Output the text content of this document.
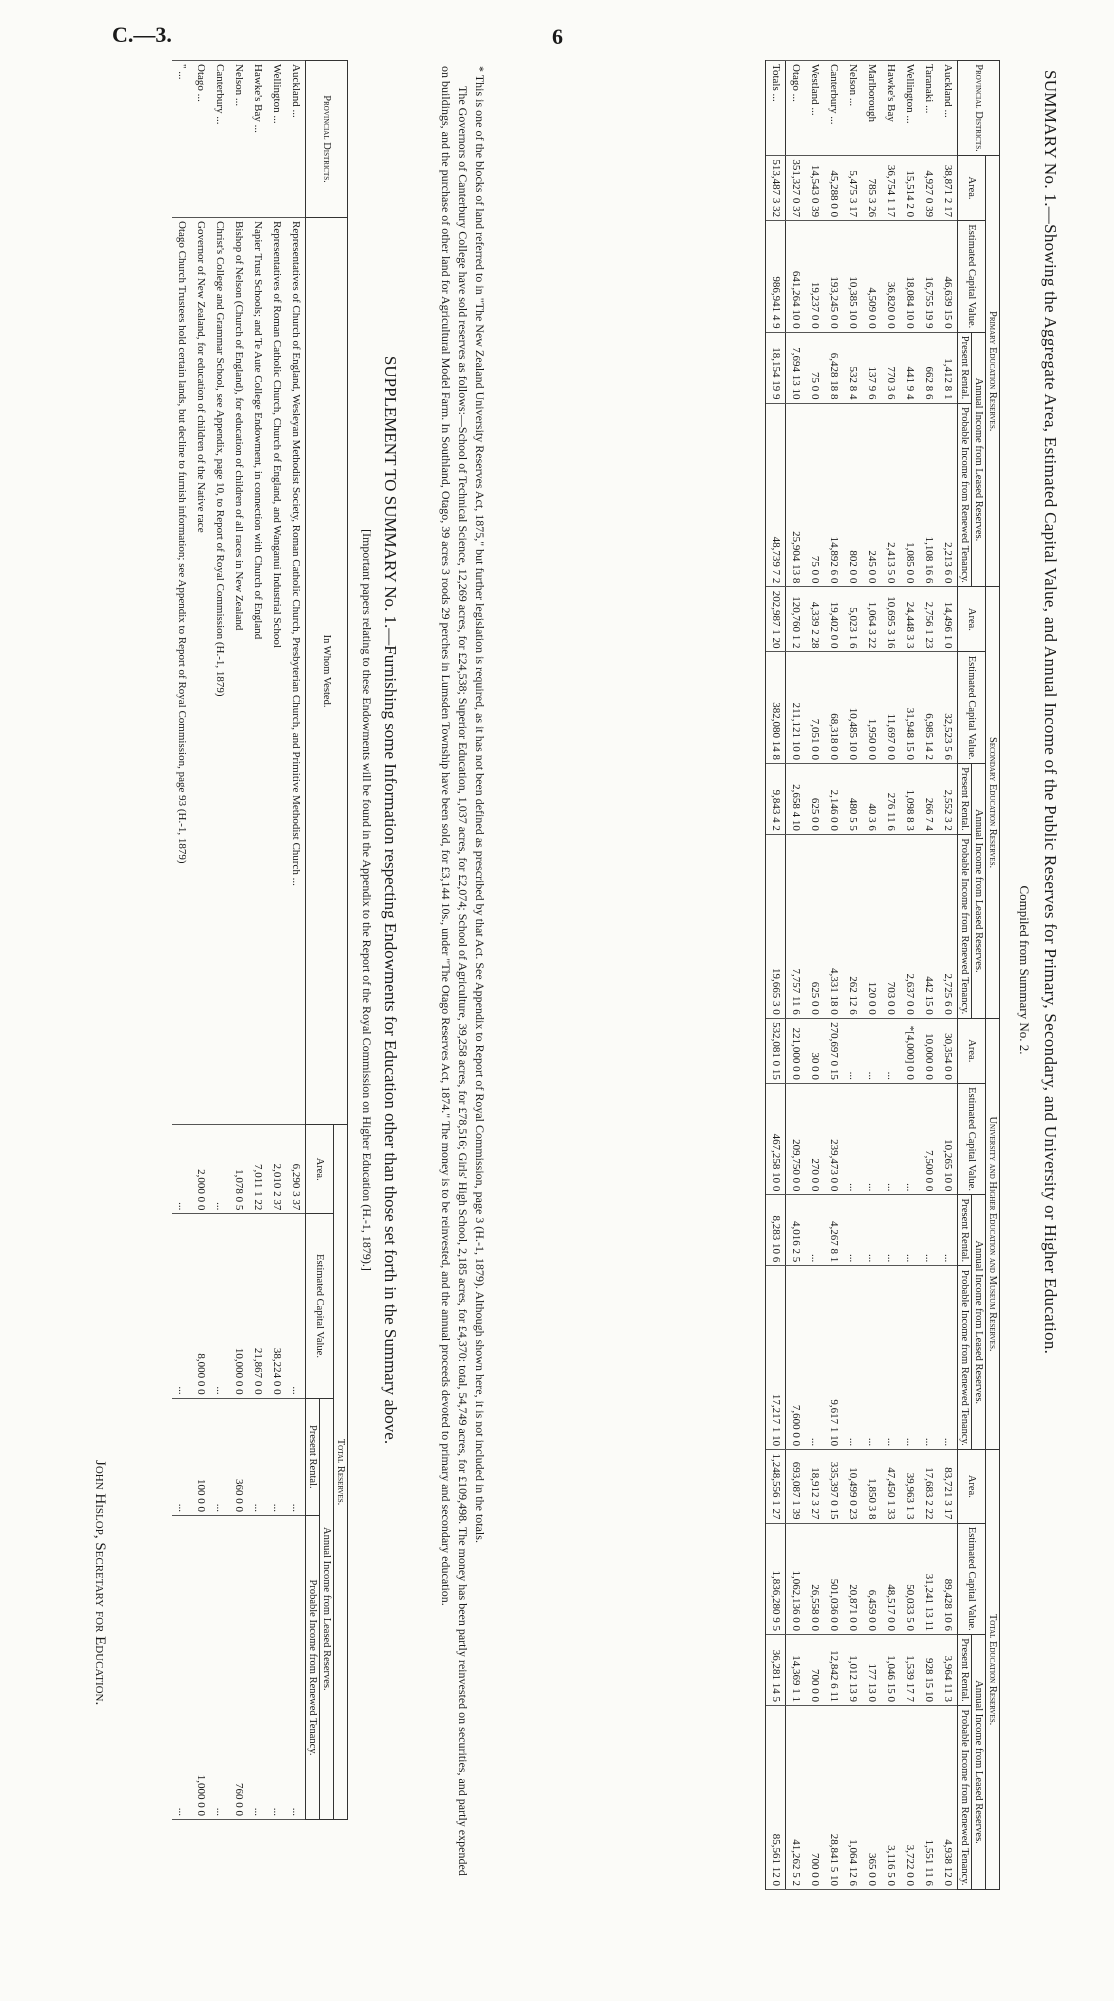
C.—3.	6
SUMMARY No. 1.—Showing the Aggregate Area, Estimated Capital Value, and Annual Income of the Public Reserves for Primary, Secondary, and University or Higher Education.
Compiled from Summary No. 2.
Provincial Districts.	Primary Education Reserves.				Secondary Education Reserves.				University and Higher Education and Museum Reserves.				Total Education Reserves.			
	Area.	Estimated Capital Value.	Annual Income from Leased Reserves.		Area.	Estimated Capital Value.	Annual Income from Leased Reserves.		Area.	Estimated Capital Value.	Annual Income from Leased Reserves.		Area.	Estimated Capital Value.	Annual Income from Leased Reserves.	
			Present Rental.	Probable Income from Renewed Tenancy.			Present Rental.	Probable Income from Renewed Tenancy.			Present Rental.	Probable Income from Renewed Tenancy.			Present Rental.	Probable Income from Renewed Tenancy.
Auckland ...	38,871 2 17	46,639 15 0	1,412 8 1	2,213 6 0	14,496 1 0	32,523 5 6	2,552 3 2	2,725 6 0	30,354 0 0	10,265 10 0	...	...	83,721 3 17	89,428 10 6	3,964 11 3	4,938 12 0
Taranaki ...	4,927 0 39	16,755 19 9	662 8 6	1,108 16 6	2,756 1 23	6,985 14 2	266 7 4	442 15 0	10,000 0 0	7,500 0 0	...	...	17,683 2 22	31,241 13 11	928 15 10	1,551 11 6
Wellington ...	15,514 2 0	18,084 10 0	441 9 4	1,085 0 0	24,448 3 3	31,948 15 0	1,098 8 3	2,637 0 0	*[4,000] 0 0	...	...	...	39,963 1 3	50,033 5 0	1,539 17 7	3,722 0 0
Hawke's Bay	36,754 1 17	36,820 0 0	770 3 6	2,413 5 0	10,695 3 16	11,697 0 0	276 11 6	703 0 0	...	...	...	...	47,450 1 33	48,517 0 0	1,046 15 0	3,116 5 0
Marlborough	785 3 26	4,509 0 0	137 9 6	245 0 0	1,064 3 22	1,950 0 0	40 3 6	120 0 0	...	...	...	...	1,850 3 8	6,459 0 0	177 13 0	365 0 0
Nelson ...	5,475 3 17	10,385 10 0	532 8 4	802 0 0	5,023 1 6	10,485 10 0	480 5 5	262 12 6	...	...	...	...	10,499 0 23	20,871 0 0	1,012 13 9	1,064 12 6
Canterbury ...	45,288 0 0	193,245 0 0	6,428 18 8	14,892 6 0	19,402 0 0	68,318 0 0	2,146 0 0	4,331 18 0	270,697 0 15	239,473 0 0	4,267 8 1	9,617 1 10	335,397 0 15	501,036 0 0	12,842 6 11	28,841 5 10
Westland ...	14,543 0 39	19,237 0 0	75 0 0	75 0 0	4,339 2 28	7,051 0 0	625 0 0	625 0 0	30 0 0	270 0 0	...	...	18,912 3 27	26,558 0 0	700 0 0	700 0 0
Otago ...	351,327 0 37	641,264 10 0	7,694 13 10	25,904 13 8	120,760 1 2	211,121 10 0	2,658 4 10	7,757 11 6	221,000 0 0	209,750 0 0	4,016 2 5	7,600 0 0	693,087 1 39	1,062,136 0 0	14,369 1 1	41,262 5 2
Totals ...	513,487 3 32	986,941 4 9	18,154 19 9	48,739 7 2	202,987 1 20	382,080 14 8	9,843 4 2	19,665 3 0	532,081 0 15	467,258 10 0	8,283 10 6	17,217 1 10	1,248,556 1 27	1,836,280 9 5	36,281 14 5	85,561 12 0
* This is one of the blocks of land referred to in "The New Zealand University Reserves Act, 1875," but further legislation is required, as it has not been defined as prescribed by that Act. See Appendix to Report of Royal Commission, page 3 (H.-1, 1879). Although shown here, it is not included in the totals.
The Governors of Canterbury College have sold reserves as follows:—School of Technical Science, 12,269 acres, for £24,538; Superior Education, 1,037 acres, for £2,074; School of Agriculture, 39,258 acres, for £78,516; Girls' High School, 2,185 acres, for £4,370: total, 54,749 acres, for £109,498. The money has been partly reinvested on securities, and partly expended on buildings, and the purchase of other land for Agricultural Model Farm. In Southland, Otago, 39 acres 3 roods 29 perches in Lumsden Township have been sold, for £3,144 10s., under "The Otago Reserves Act, 1874." The money is to be reinvested, and the annual proceeds devoted to primary and secondary education.
SUPPLEMENT TO SUMMARY No. 1.—Furnishing some Information respecting Endowments for Education other than those set forth in the Summary above.
[Important papers relating to these Endowments will be found in the Appendix to the Report of the Royal Commission on Higher Education (H.-1, 1879).]
Provincial Districts.	In Whom Vested.	Total Reserves.			
		Area.	Estimated Capital Value.	Annual Income from Leased Reserves.	
				Present Rental.	Probable Income from Renewed Tenancy.
Auckland ...	Representatives of Church of England, Wesleyan Methodist Society, Roman Catholic Church, Presbyterian Church, and Primitive Methodist Church ...	6,290 3 37	...	...	...
Wellington ...	Representatives of Roman Catholic Church, Church of England, and Wanganui Industrial School	2,010 2 37	38,224 0 0	...	...
Hawke's Bay ...	Napier Trust Schools; and Te Aute College Endowment, in connection with Church of England	7,011 1 22	21,867 0 0	...	...
Nelson ...	Bishop of Nelson (Church of England), for education of children of all races in New Zealand	1,078 0 5	10,000 0 0	360 0 0	760 0 0
Canterbury ...	Christ's College and Grammar School, see Appendix, page 10, to Report of Royal Commission (H.-1, 1879)	...	...	...	...
Otago ...	Governor of New Zealand, for education of children of the Native race	2,000 0 0	8,000 0 0	100 0 0	1,000 0 0
" ...	Otago Church Trustees hold certain lands, but decline to furnish information; see Appendix to Report of Royal Commission, page 93 (H.-1, 1879)	...	...	...	...
John Hislop, Secretary for Education.
